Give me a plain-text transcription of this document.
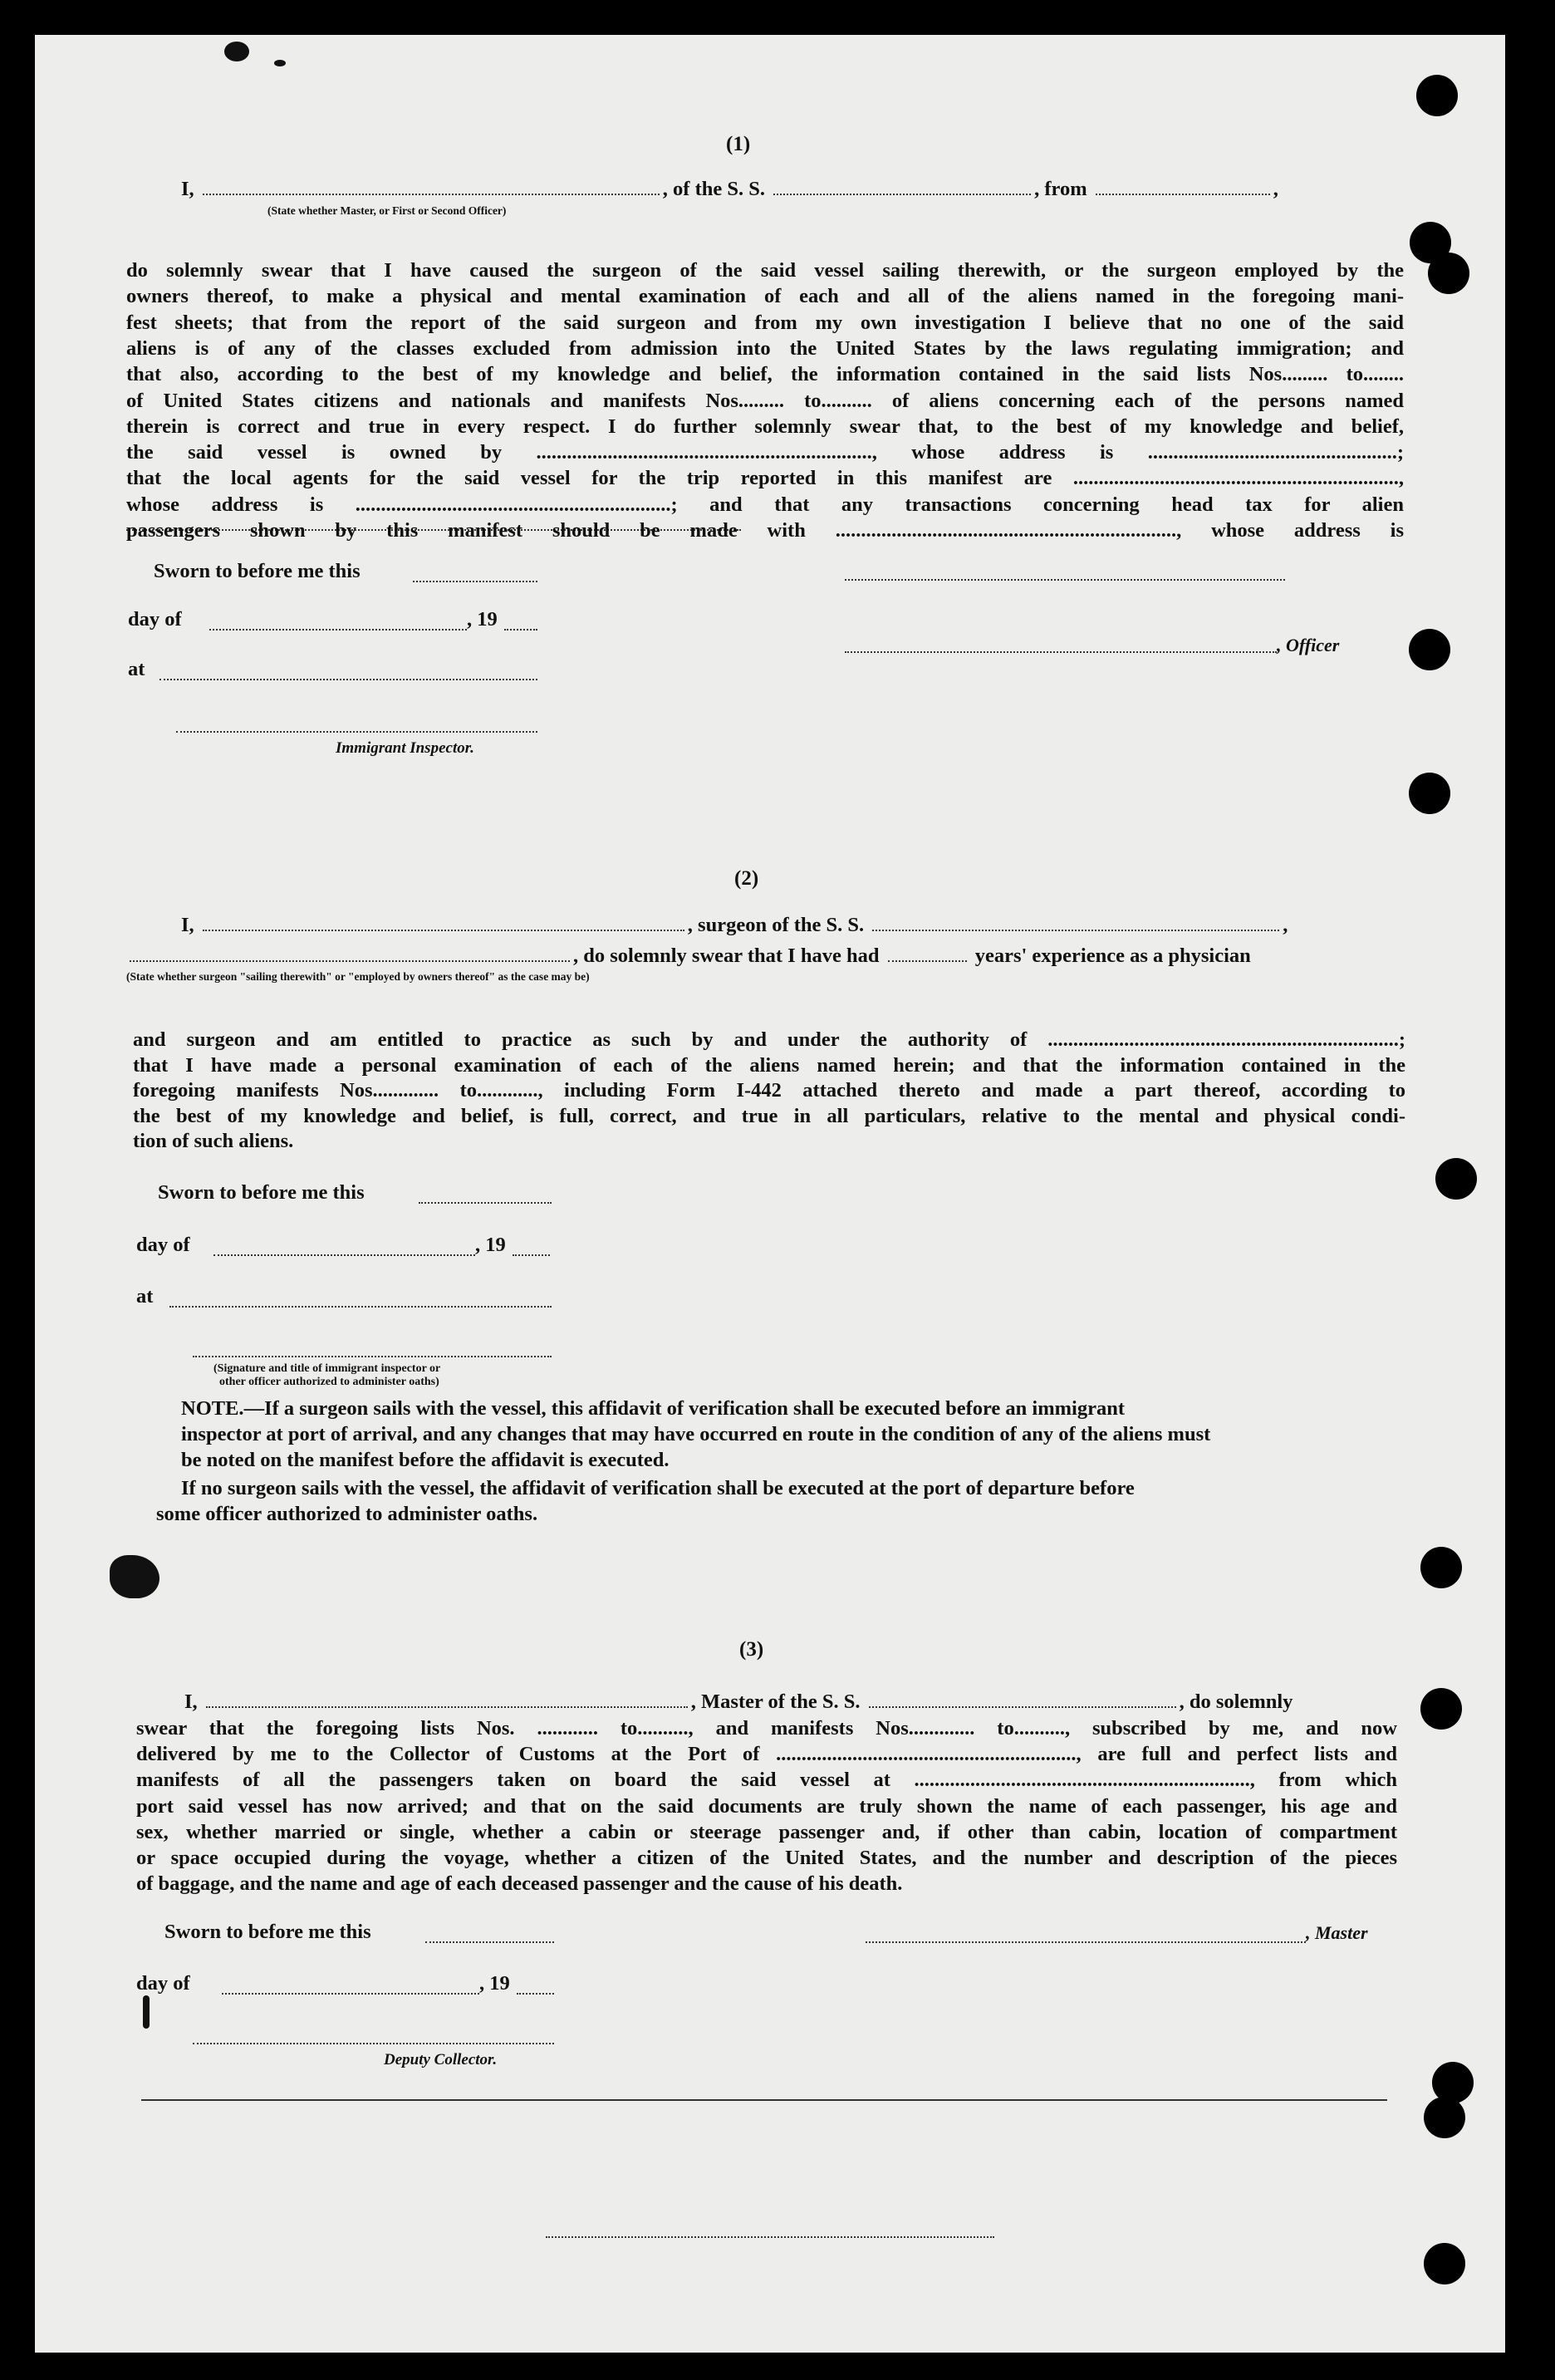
(1)
I,	, of the S. S.	, from	,
(State whether Master, or First or Second Officer)
Sworn to before me this
day of	, 19
at
Immigrant Inspector.
, Officer
(2)
I,	, surgeon of the S. S.	,
, do solemnly swear that I have had	years' experience as a physician
(State whether surgeon "sailing therewith" or "employed by owners thereof" as the case may be)
Sworn to before me this
day of	, 19
at
(Signature and title of immigrant inspector or
other officer authorized to administer oaths)
NOTE.—If a surgeon sails with the vessel, this affidavit of verification shall be executed before an immigrant
inspector at port of arrival, and any changes that may have occurred en route in the condition of any of the aliens must
be noted on the manifest before the affidavit is executed.
If no surgeon sails with the vessel, the affidavit of verification shall be executed at the port of departure before
some officer authorized to administer oaths.
(3)
I,	, Master of the S. S.	, do solemnly
Sworn to before me this
day of	, 19
Deputy Collector.
, Master
do solemnly swear that I have caused the surgeon of the said vessel sailing therewith, or the surgeon employed by the
owners thereof, to make a physical and mental examination of each and all of the aliens named in the foregoing mani-
fest sheets; that from the report of the said surgeon and from my own investigation I believe that no one of the said
aliens is of any of the classes excluded from admission into the United States by the laws regulating immigration; and
that also, according to the best of my knowledge and belief, the information contained in the said lists Nos......... to........
of United States citizens and nationals and manifests Nos......... to.......... of aliens concerning each of the persons named
therein is correct and true in every respect. I do further solemnly swear that, to the best of my knowledge and belief,
the said vessel is owned by .................................................................., whose address is .................................................;
that the local agents for the said vessel for the trip reported in this manifest are ................................................................,
whose address is ..............................................................; and that any transactions concerning head tax for alien
passengers shown by this manifest should be made with ..................................................................., whose address is
and surgeon and am entitled to practice as such by and under the authority of .....................................................................;
that I have made a personal examination of each of the aliens named herein; and that the information contained in the
foregoing manifests Nos............. to............, including Form I-442 attached thereto and made a part thereof, according to
the best of my knowledge and belief, is full, correct, and true in all particulars, relative to the mental and physical condi-
tion of such aliens.
swear that the foregoing lists Nos. ............ to.........., and manifests Nos............. to.........., subscribed by me, and now
delivered by me to the Collector of Customs at the Port of ..........................................................., are full and perfect lists and
manifests of all the passengers taken on board the said vessel at .................................................................., from which
port said vessel has now arrived; and that on the said documents are truly shown the name of each passenger, his age and
sex, whether married or single, whether a cabin or steerage passenger and, if other than cabin, location of compartment
or space occupied during the voyage, whether a citizen of the United States, and the number and description of the pieces
of baggage, and the name and age of each deceased passenger and the cause of his death.
